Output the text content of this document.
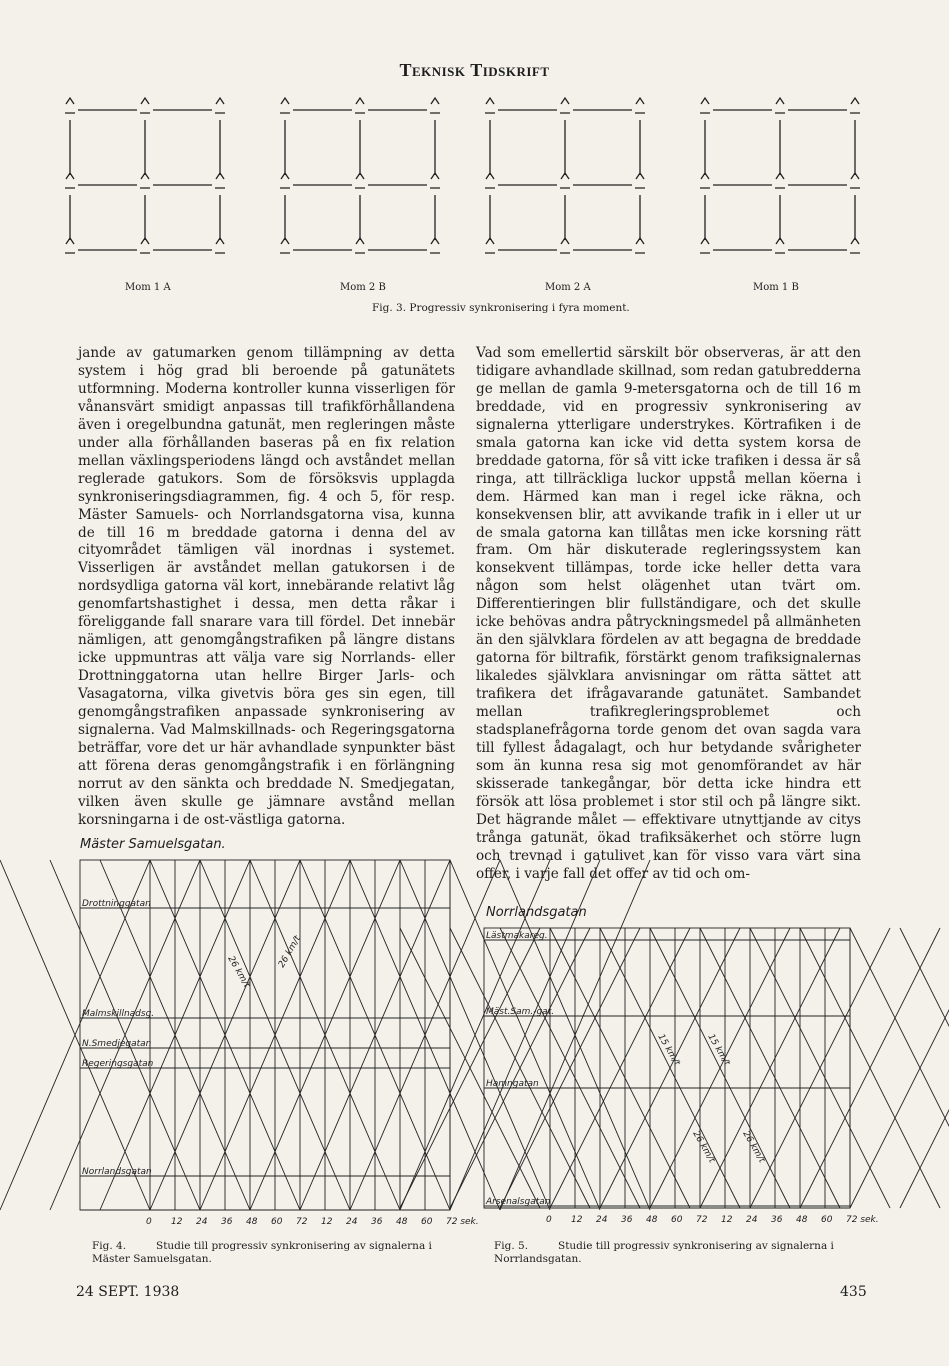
Teknisk Tidskrift
Mom 1 A	Mom 2 B	Mom 2 A	Mom 1 B
Fig. 3. Progressiv synkronisering i fyra moment.

jande av gatumarken genom tillämpning av detta system i hög grad bli beroende på gatunätets utformning. Moderna kontroller kunna visserligen för vånansvärt smidigt anpassas till trafikförhållandena även i oregelbundna gatunät, men regleringen måste under alla förhållanden baseras på en fix relation mellan växlingsperiodens längd och avståndet mellan reglerade gatukors. Som de försöksvis upplagda synkroniseringsdiagrammen, fig. 4 och 5, för resp. Mäster Samuels- och Norrlandsgatorna visa, kunna de till 16 m breddade gatorna i denna del av cityområdet tämligen väl inordnas i systemet. Visserligen är avståndet mellan gatukorsen i de nordsydliga gatorna väl kort, innebärande relativt låg genomfartshastighet i dessa, men detta råkar i föreliggande fall snarare vara till fördel. Det innebär nämligen, att genomgångstrafiken på längre distans icke uppmuntras att välja vare sig Norrlands- eller Drottninggatorna utan hellre Birger Jarls- och Vasagatorna, vilka givetvis böra ges sin egen, till genomgångstrafiken anpassade synkronisering av signalerna. Vad Malmskillnads- och Regeringsgatorna beträffar, vore det ur här avhandlade synpunkter bäst att förena deras genomgångstrafik i en förlängning norrut av den sänkta och breddade N. Smedjegatan, vilken även skulle ge jämnare avstånd mellan korsningarna i de ost-västliga gatorna.

Vad som emellertid särskilt bör observeras, är att den tidigare avhandlade skillnad, som redan gatubredderna ge mellan de gamla 9-metersgatorna och de till 16 m breddade, vid en progressiv synkronisering av signalerna ytterligare understrykes. Körtrafiken i de smala gatorna kan icke vid detta system korsa de breddade gatorna, för så vitt icke trafiken i dessa är så ringa, att tillräckliga luckor uppstå mellan köerna i dem. Härmed kan man i regel icke räkna, och konsekvensen blir, att avvikande trafik in i eller ut ur de smala gatorna kan tillåtas men icke korsning rätt fram. Om här diskuterade regleringssystem kan konsekvent tillämpas, torde icke heller detta vara någon som helst olägenhet utan tvärt om. Differentieringen blir fullständigare, och det skulle icke behövas andra påtryckningsmedel på allmänheten än den självklara fördelen av att begagna de breddade gatorna för biltrafik, förstärkt genom trafiksignalernas likaledes självklara anvisningar om rätta sättet att trafikera det ifrågavarande gatunätet. Sambandet mellan trafikregleringsproblemet och stadsplanefrågorna torde genom det ovan sagda vara till fyllest ådagalagt, och hur betydande svårigheter som än kunna resa sig mot genomförandet av här skisserade tankegångar, bör detta icke hindra ett försök att lösa problemet i stor stil och på längre sikt. Det hägrande målet — effektivare utnyttjande av citys trånga gatunät, ökad trafiksäkerhet och större lugn och trevnad i gatulivet kan för visso vara värt sina offer, i varje fall det offer av tid och om-

Mäster Samuelsgatan.
Drottninggatan
Malmskillnadsg.
N.Smedjegatan
Regeringsgatan
Norrlandsgatan
0 12 24 36 48 60 72 12 24 36 48 60 72 sek.
26 km/t
26 km/t
Fig. 4.	Studie till progressiv synkronisering av signalerna i Mäster Samuelsgatan.
Norrlandsgatan
Lästmakareg.
Mäst.Sam.-gat.
Hamngatan
Arsenalsgatan
0 12 24 36 48 60 72 12 24 36 48 60 72 sek.
15 km/t	15 km/t
26 km/t	26 km/t
Fig. 5.	Studie till progressiv synkronisering av signalerna i Norrlandsgatan.
24 SEPT. 1938	435
